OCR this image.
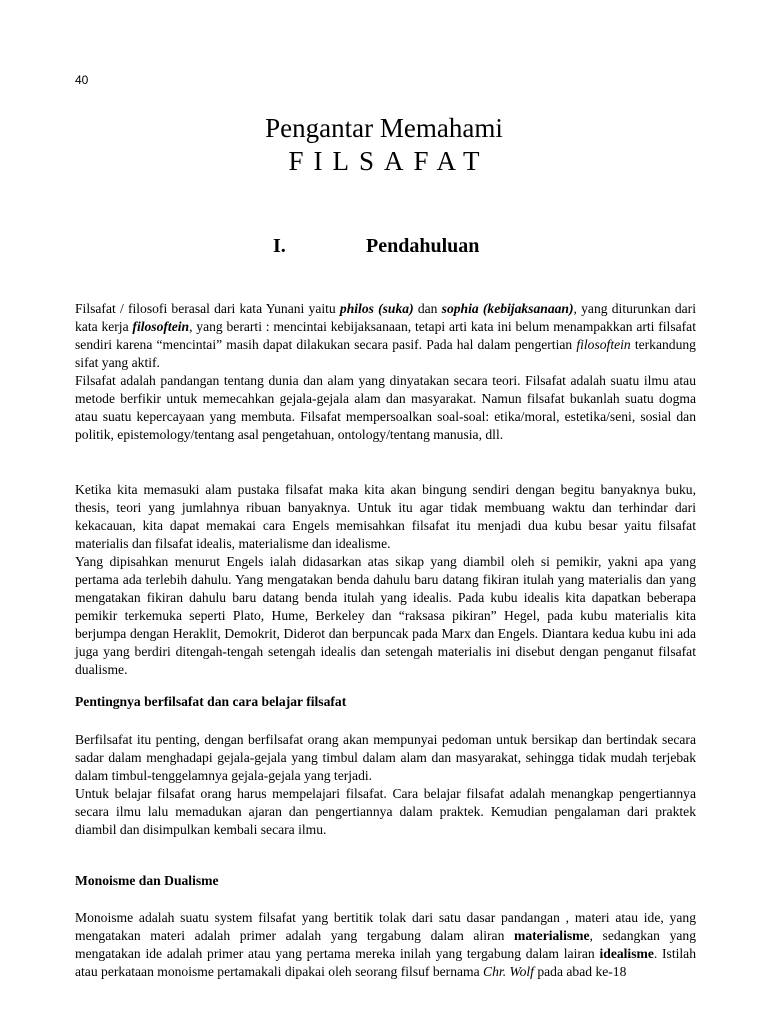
40
Pengantar Memahami
FILSAFAT
I.	Pendahuluan

Filsafat / filosofi berasal dari kata Yunani yaitu philos (suka) dan sophia (kebijaksanaan), yang diturunkan dari kata kerja filosoftein, yang berarti : mencintai kebijaksanaan, tetapi arti kata ini belum menampakkan arti filsafat sendiri karena “mencintai” masih dapat dilakukan secara pasif. Pada hal dalam pengertian filosoftein terkandung sifat yang aktif.

Filsafat adalah pandangan tentang dunia dan alam yang dinyatakan secara teori. Filsafat adalah suatu ilmu atau metode berfikir untuk memecahkan gejala-gejala alam dan masyarakat. Namun filsafat bukanlah suatu dogma atau suatu kepercayaan yang membuta. Filsafat mempersoalkan soal-soal: etika/moral, estetika/seni, sosial dan politik, epistemology/tentang asal pengetahuan, ontology/tentang manusia, dll.

Ketika kita memasuki alam pustaka filsafat maka kita akan bingung sendiri dengan begitu banyaknya buku, thesis, teori yang jumlahnya ribuan banyaknya. Untuk itu agar tidak membuang waktu dan terhindar dari kekacauan, kita dapat memakai cara Engels memisahkan filsafat itu menjadi dua kubu besar yaitu filsafat materialis dan filsafat idealis, materialisme dan idealisme.

Yang dipisahkan menurut Engels ialah didasarkan atas sikap yang diambil oleh si pemikir, yakni apa yang pertama ada terlebih dahulu. Yang mengatakan benda dahulu baru datang fikiran itulah yang materialis dan yang mengatakan fikiran dahulu baru datang benda itulah yang idealis. Pada kubu idealis kita dapatkan beberapa pemikir terkemuka seperti Plato, Hume, Berkeley dan “raksasa pikiran” Hegel, pada kubu materialis kita berjumpa dengan Heraklit, Demokrit, Diderot dan berpuncak pada Marx dan Engels. Diantara kedua kubu ini ada juga yang berdiri ditengah-tengah setengah idealis dan setengah materialis ini disebut dengan penganut filsafat dualisme.

Pentingnya berfilsafat dan cara belajar filsafat

Berfilsafat itu penting, dengan berfilsafat orang akan mempunyai pedoman untuk bersikap dan bertindak secara sadar dalam menghadapi gejala-gejala yang timbul dalam alam dan masyarakat, sehingga tidak mudah terjebak dalam timbul-tenggelamnya gejala-gejala yang terjadi.

Untuk belajar filsafat orang harus mempelajari filsafat. Cara belajar filsafat adalah menangkap pengertiannya secara ilmu lalu memadukan ajaran dan pengertiannya dalam praktek. Kemudian pengalaman dari praktek diambil dan disimpulkan kembali secara ilmu.

Monoisme dan Dualisme

Monoisme adalah suatu system filsafat yang bertitik tolak dari satu dasar pandangan , materi atau ide, yang mengatakan materi adalah primer adalah yang tergabung dalam aliran materialisme, sedangkan yang mengatakan ide adalah primer atau yang pertama mereka inilah yang tergabung dalam lairan idealisme. Istilah atau perkataan monoisme pertamakali dipakai oleh seorang filsuf bernama Chr. Wolf pada abad ke-18
